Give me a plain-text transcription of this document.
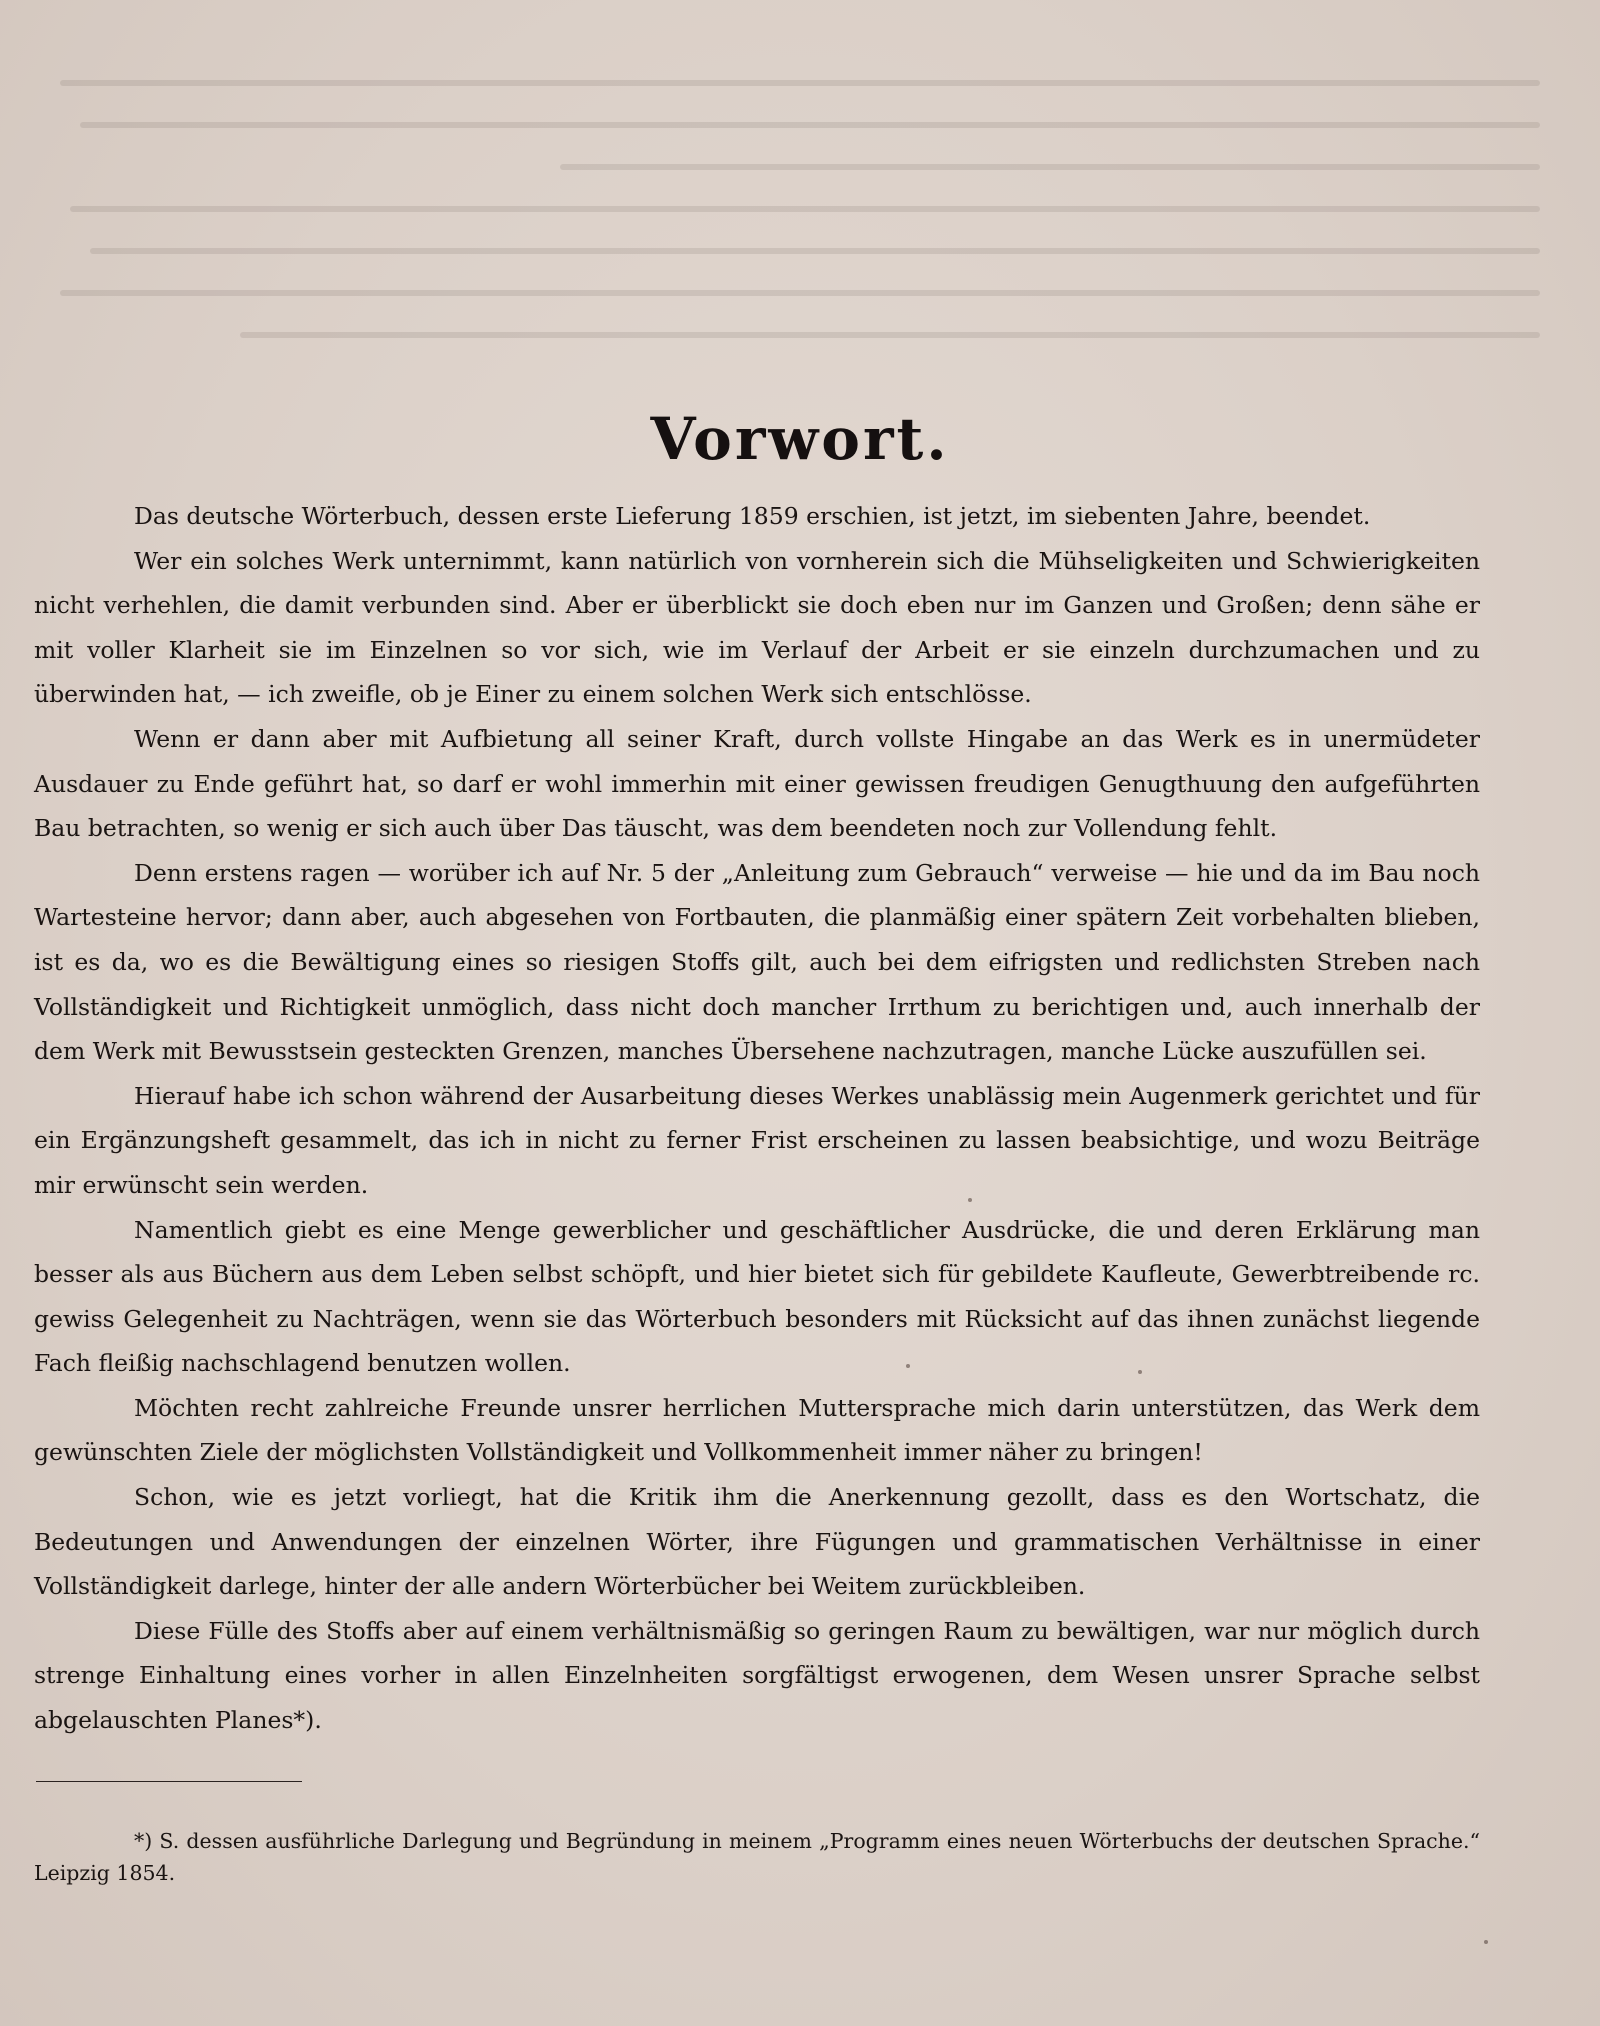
Vorwort.

Das deutsche Wörterbuch, dessen erste Lieferung 1859 erschien, ist jetzt, im siebenten Jahre, beendet.

Wer ein solches Werk unternimmt, kann natürlich von vornherein sich die Mühseligkeiten und Schwierigkeiten nicht verhehlen, die damit verbunden sind. Aber er überblickt sie doch eben nur im Ganzen und Großen; denn sähe er mit voller Klarheit sie im Einzelnen so vor sich, wie im Verlauf der Arbeit er sie einzeln durchzumachen und zu überwinden hat, — ich zweifle, ob je Einer zu einem solchen Werk sich entschlösse.

Wenn er dann aber mit Aufbietung all seiner Kraft, durch vollste Hingabe an das Werk es in unermüdeter Ausdauer zu Ende geführt hat, so darf er wohl immerhin mit einer gewissen freudigen Genugthuung den aufgeführten Bau betrachten, so wenig er sich auch über Das täuscht, was dem beendeten noch zur Vollendung fehlt.

Denn erstens ragen — worüber ich auf Nr. 5 der „Anleitung zum Gebrauch“ verweise — hie und da im Bau noch Wartesteine hervor; dann aber, auch abgesehen von Fortbauten, die planmäßig einer spätern Zeit vorbehalten blieben, ist es da, wo es die Bewältigung eines so riesigen Stoffs gilt, auch bei dem eifrigsten und redlichsten Streben nach Vollständigkeit und Richtigkeit unmöglich, dass nicht doch mancher Irrthum zu berichtigen und, auch innerhalb der dem Werk mit Bewusstsein gesteckten Grenzen, manches Übersehene nachzutragen, manche Lücke auszufüllen sei.

Hierauf habe ich schon während der Ausarbeitung dieses Werkes unablässig mein Augenmerk gerichtet und für ein Ergänzungsheft gesammelt, das ich in nicht zu ferner Frist erscheinen zu lassen beabsichtige, und wozu Beiträge mir erwünscht sein werden.

Namentlich giebt es eine Menge gewerblicher und geschäftlicher Ausdrücke, die und deren Erklärung man besser als aus Büchern aus dem Leben selbst schöpft, und hier bietet sich für gebildete Kaufleute, Gewerbtreibende rc. gewiss Gelegenheit zu Nachträgen, wenn sie das Wörterbuch besonders mit Rücksicht auf das ihnen zunächst liegende Fach fleißig nachschlagend benutzen wollen.

Möchten recht zahlreiche Freunde unsrer herrlichen Muttersprache mich darin unterstützen, das Werk dem gewünschten Ziele der möglichsten Vollständigkeit und Vollkommenheit immer näher zu bringen!

Schon, wie es jetzt vorliegt, hat die Kritik ihm die Anerkennung gezollt, dass es den Wortschatz, die Bedeutungen und Anwendungen der einzelnen Wörter, ihre Fügungen und grammatischen Verhältnisse in einer Vollständigkeit darlege, hinter der alle andern Wörterbücher bei Weitem zurückbleiben.

Diese Fülle des Stoffs aber auf einem verhältnismäßig so geringen Raum zu bewältigen, war nur möglich durch strenge Einhaltung eines vorher in allen Einzelnheiten sorgfältigst erwogenen, dem Wesen unsrer Sprache selbst abgelauschten Planes*).

*) S. dessen ausführliche Darlegung und Begründung in meinem „Programm eines neuen Wörterbuchs der deutschen Sprache.“ Leipzig 1854.
